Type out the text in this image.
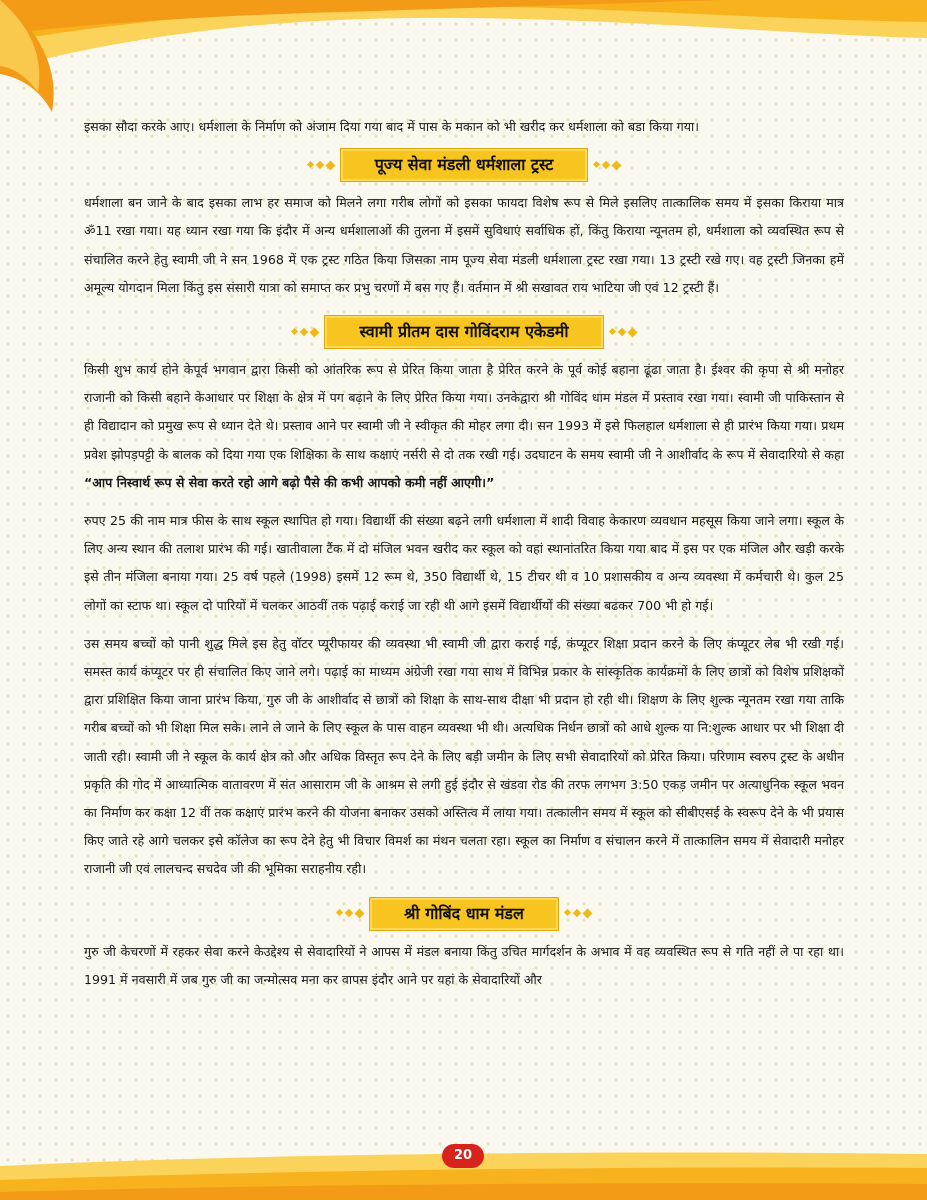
इसका सौदा करके आए। धर्मशाला के निर्माण को अंजाम दिया गया बाद में पास के मकान को भी खरीद कर धर्मशाला को बडा किया गया।

पूज्य सेवा मंडली धर्मशाला ट्रस्ट

धर्मशाला बन जाने के बाद इसका लाभ हर समाज को मिलने लगा गरीब लोगों को इसका फायदा विशेष रूप से मिले इसलिए तात्कालिक समय में इसका किराया मात्र ॐ11 रखा गया। यह ध्यान रखा गया कि इंदौर में अन्य धर्मशालाओं की तुलना में इसमें सुविधाएं सर्वाधिक हों, किंतु किराया न्यूनतम हो, धर्मशाला को व्यवस्थित रूप से संचालित करने हेतु स्वामी जी ने सन 1968 में एक ट्रस्ट गठित किया जिसका नाम पूज्य सेवा मंडली धर्मशाला ट्रस्ट रखा गया। 13 ट्रस्टी रखे गए। वह ट्रस्टी जिनका हमें अमूल्य योगदान मिला किंतु इस संसारी यात्रा को समाप्त कर प्रभु चरणों में बस गए हैं। वर्तमान में श्री सखावत राय भाटिया जी एवं 12 ट्रस्टी हैं।

स्वामी प्रीतम दास गोविंदराम एकेडमी

किसी शुभ कार्य होने केपूर्व भगवान द्वारा किसी को आंतरिक रूप से प्रेरित किया जाता है प्रेरित करने के पूर्व कोई बहाना ढूंढा जाता है। ईश्वर की कृपा से श्री मनोहर राजानी को किसी बहाने केआधार पर शिक्षा के क्षेत्र में पग बढ़ाने के लिए प्रेरित किया गया। उनकेद्वारा श्री गोविंद धाम मंडल में प्रस्ताव रखा गया। स्वामी जी पाकिस्तान से ही विद्यादान को प्रमुख रूप से ध्यान देते थे। प्रस्ताव आने पर स्वामी जी ने स्वीकृत की मोहर लगा दी। सन 1993 में इसे फिलहाल धर्मशाला से ही प्रारंभ किया गया। प्रथम प्रवेश झोपड़पट्टी के बालक को दिया गया एक शिक्षिका के साथ कक्षाएं नर्सरी से दो तक रखी गई। उदघाटन के समय स्वामी जी ने आशीर्वाद के रूप में सेवादारियो से कहा “आप निस्वार्थ रूप से सेवा करते रहो आगे बढ़ो पैसे की कभी आपको कमी नहीं आएगी।”

रुपए 25 की नाम मात्र फीस के साथ स्कूल स्थापित हो गया। विद्यार्थी की संख्या बढ़ने लगी धर्मशाला में शादी विवाह केकारण व्यवधान महसूस किया जाने लगा। स्कूल के लिए अन्य स्थान की तलाश प्रारंभ की गई। खातीवाला टैंक में दो मंजिल भवन खरीद कर स्कूल को वहां स्थानांतरित किया गया बाद में इस पर एक मंजिल और खड़ी करके इसे तीन मंजिला बनाया गया। 25 वर्ष पहले (1998) इसमें 12 रूम थे, 350 विद्यार्थी थे, 15 टीचर थी व 10 प्रशासकीय व अन्य व्यवस्था में कर्मचारी थे। कुल 25 लोगों का स्टाफ था। स्कूल दो पारियों में चलकर आठवीं तक पढ़ाई कराई जा रही थी आगे इसमें विद्यार्थीयों की संख्या बढकर 700 भी हो गई।

उस समय बच्चों को पानी शुद्ध मिले इस हेतु वॉटर प्यूरीफायर की व्यवस्था भी स्वामी जी द्वारा कराई गई, कंप्यूटर शिक्षा प्रदान करने के लिए कंप्यूटर लेब भी रखी गई। समस्त कार्य कंप्यूटर पर ही संचालित किए जाने लगे। पढ़ाई का माध्यम अंग्रेजी रखा गया साथ में विभिन्न प्रकार के सांस्कृतिक कार्यक्रमों के लिए छात्रों को विशेष प्रशिक्षकों द्वारा प्रशिक्षित किया जाना प्रारंभ किया, गुरु जी के आशीर्वाद से छात्रों को शिक्षा के साथ-साथ दीक्षा भी प्रदान हो रही थी। शिक्षण के लिए शुल्क न्यूनतम रखा गया ताकि गरीब बच्चों को भी शिक्षा मिल सके। लाने ले जाने के लिए स्कूल के पास वाहन व्यवस्था भी थी। अत्यधिक निर्धन छात्रों को आधे शुल्क या नि:शुल्क आधार पर भी शिक्षा दी जाती रही। स्वामी जी ने स्कूल के कार्य क्षेत्र को और अधिक विस्तृत रूप देने के लिए बड़ी जमीन के लिए सभी सेवादारियों को प्रेरित किया। परिणाम स्वरुप ट्रस्ट के अधीन प्रकृति की गोद में आध्यात्मिक वातावरण में संत आसाराम जी के आश्रम से लगी हुई इंदौर से खंडवा रोड की तरफ लगभग 3:50 एकड़ जमीन पर अत्याधुनिक स्कूल भवन का निर्माण कर कक्षा 12 वीं तक कक्षाएं प्रारंभ करने की योजना बनाकर उसको अस्तित्व में लाया गया। तत्कालीन समय में स्कूल को सीबीएसई के स्वरूप देने के भी प्रयास किए जाते रहे आगे चलकर इसे कॉलेज का रूप देने हेतु भी विचार विमर्श का मंथन चलता रहा। स्कूल का निर्माण व संचालन करने में तात्कालिन समय में सेवादारी मनोहर राजानी जी एवं लालचन्द सचदेव जी की भूमिका सराहनीय रही।

श्री गोबिंद धाम मंडल

गुरु जी केचरणों में रहकर सेवा करने केउद्देश्य से सेवादारियों ने आपस में मंडल बनाया किंतु उचित मार्गदर्शन के अभाव में वह व्यवस्थित रूप से गति नहीं ले पा रहा था। 1991 में नवसारी में जब गुरु जी का जन्मोत्सव मना कर वापस इंदौर आने पर यहां के सेवादारियों और

20
